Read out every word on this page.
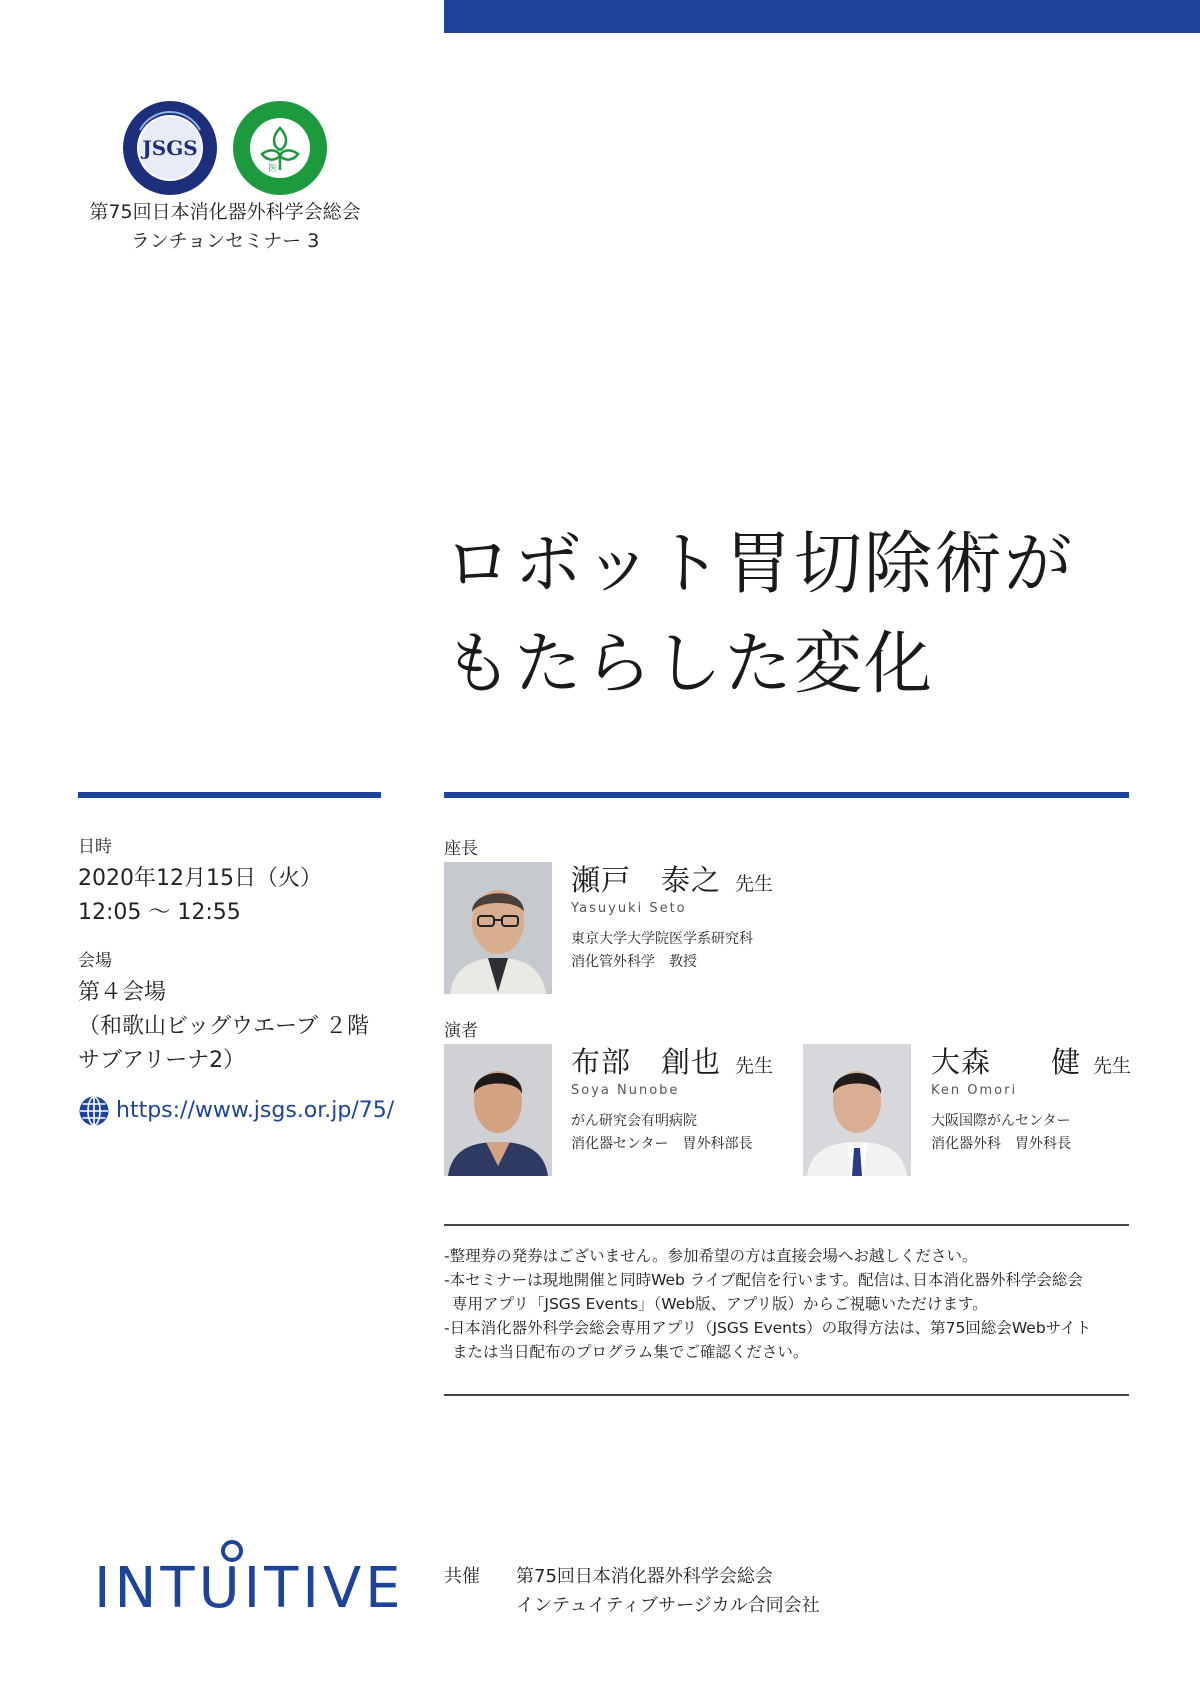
JSGS
医
第75回日本消化器外科学会総会
ランチョンセミナー 3
ロボット胃切除術が
もたらした変化
日時
2020年12月15日（火）
12:05 〜 12:55
会場
第４会場
（和歌山ビッグウエーブ ２階
サブアリーナ2）
https://www.jsgs.or.jp/75/
座長
瀬戸　泰之 先生
Yasuyuki Seto
東京大学大学院医学系研究科
消化管外科学　教授
演者
布部　創也 先生
Soya Nunobe
がん研究会有明病院
消化器センター　胃外科部長
大森　　健 先生
Ken Omori
大阪国際がんセンター
消化器外科　胃外科長
-整理券の発券はございません。参加希望の方は直接会場へお越しください。
-本セミナーは現地開催と同時Web ライブ配信を行います。配信は､日本消化器外科学会総会
専用アプリ「JSGS Events」（Web版、アプリ版）からご視聴いただけます。
-日本消化器外科学会総会専用アプリ（JSGS Events）の取得方法は、第75回総会Webサイト
または当日配布のプログラム集でご確認ください。
INTUITIVE 共催 第75回日本消化器外科学会総会
インテュイティブサージカル合同会社
